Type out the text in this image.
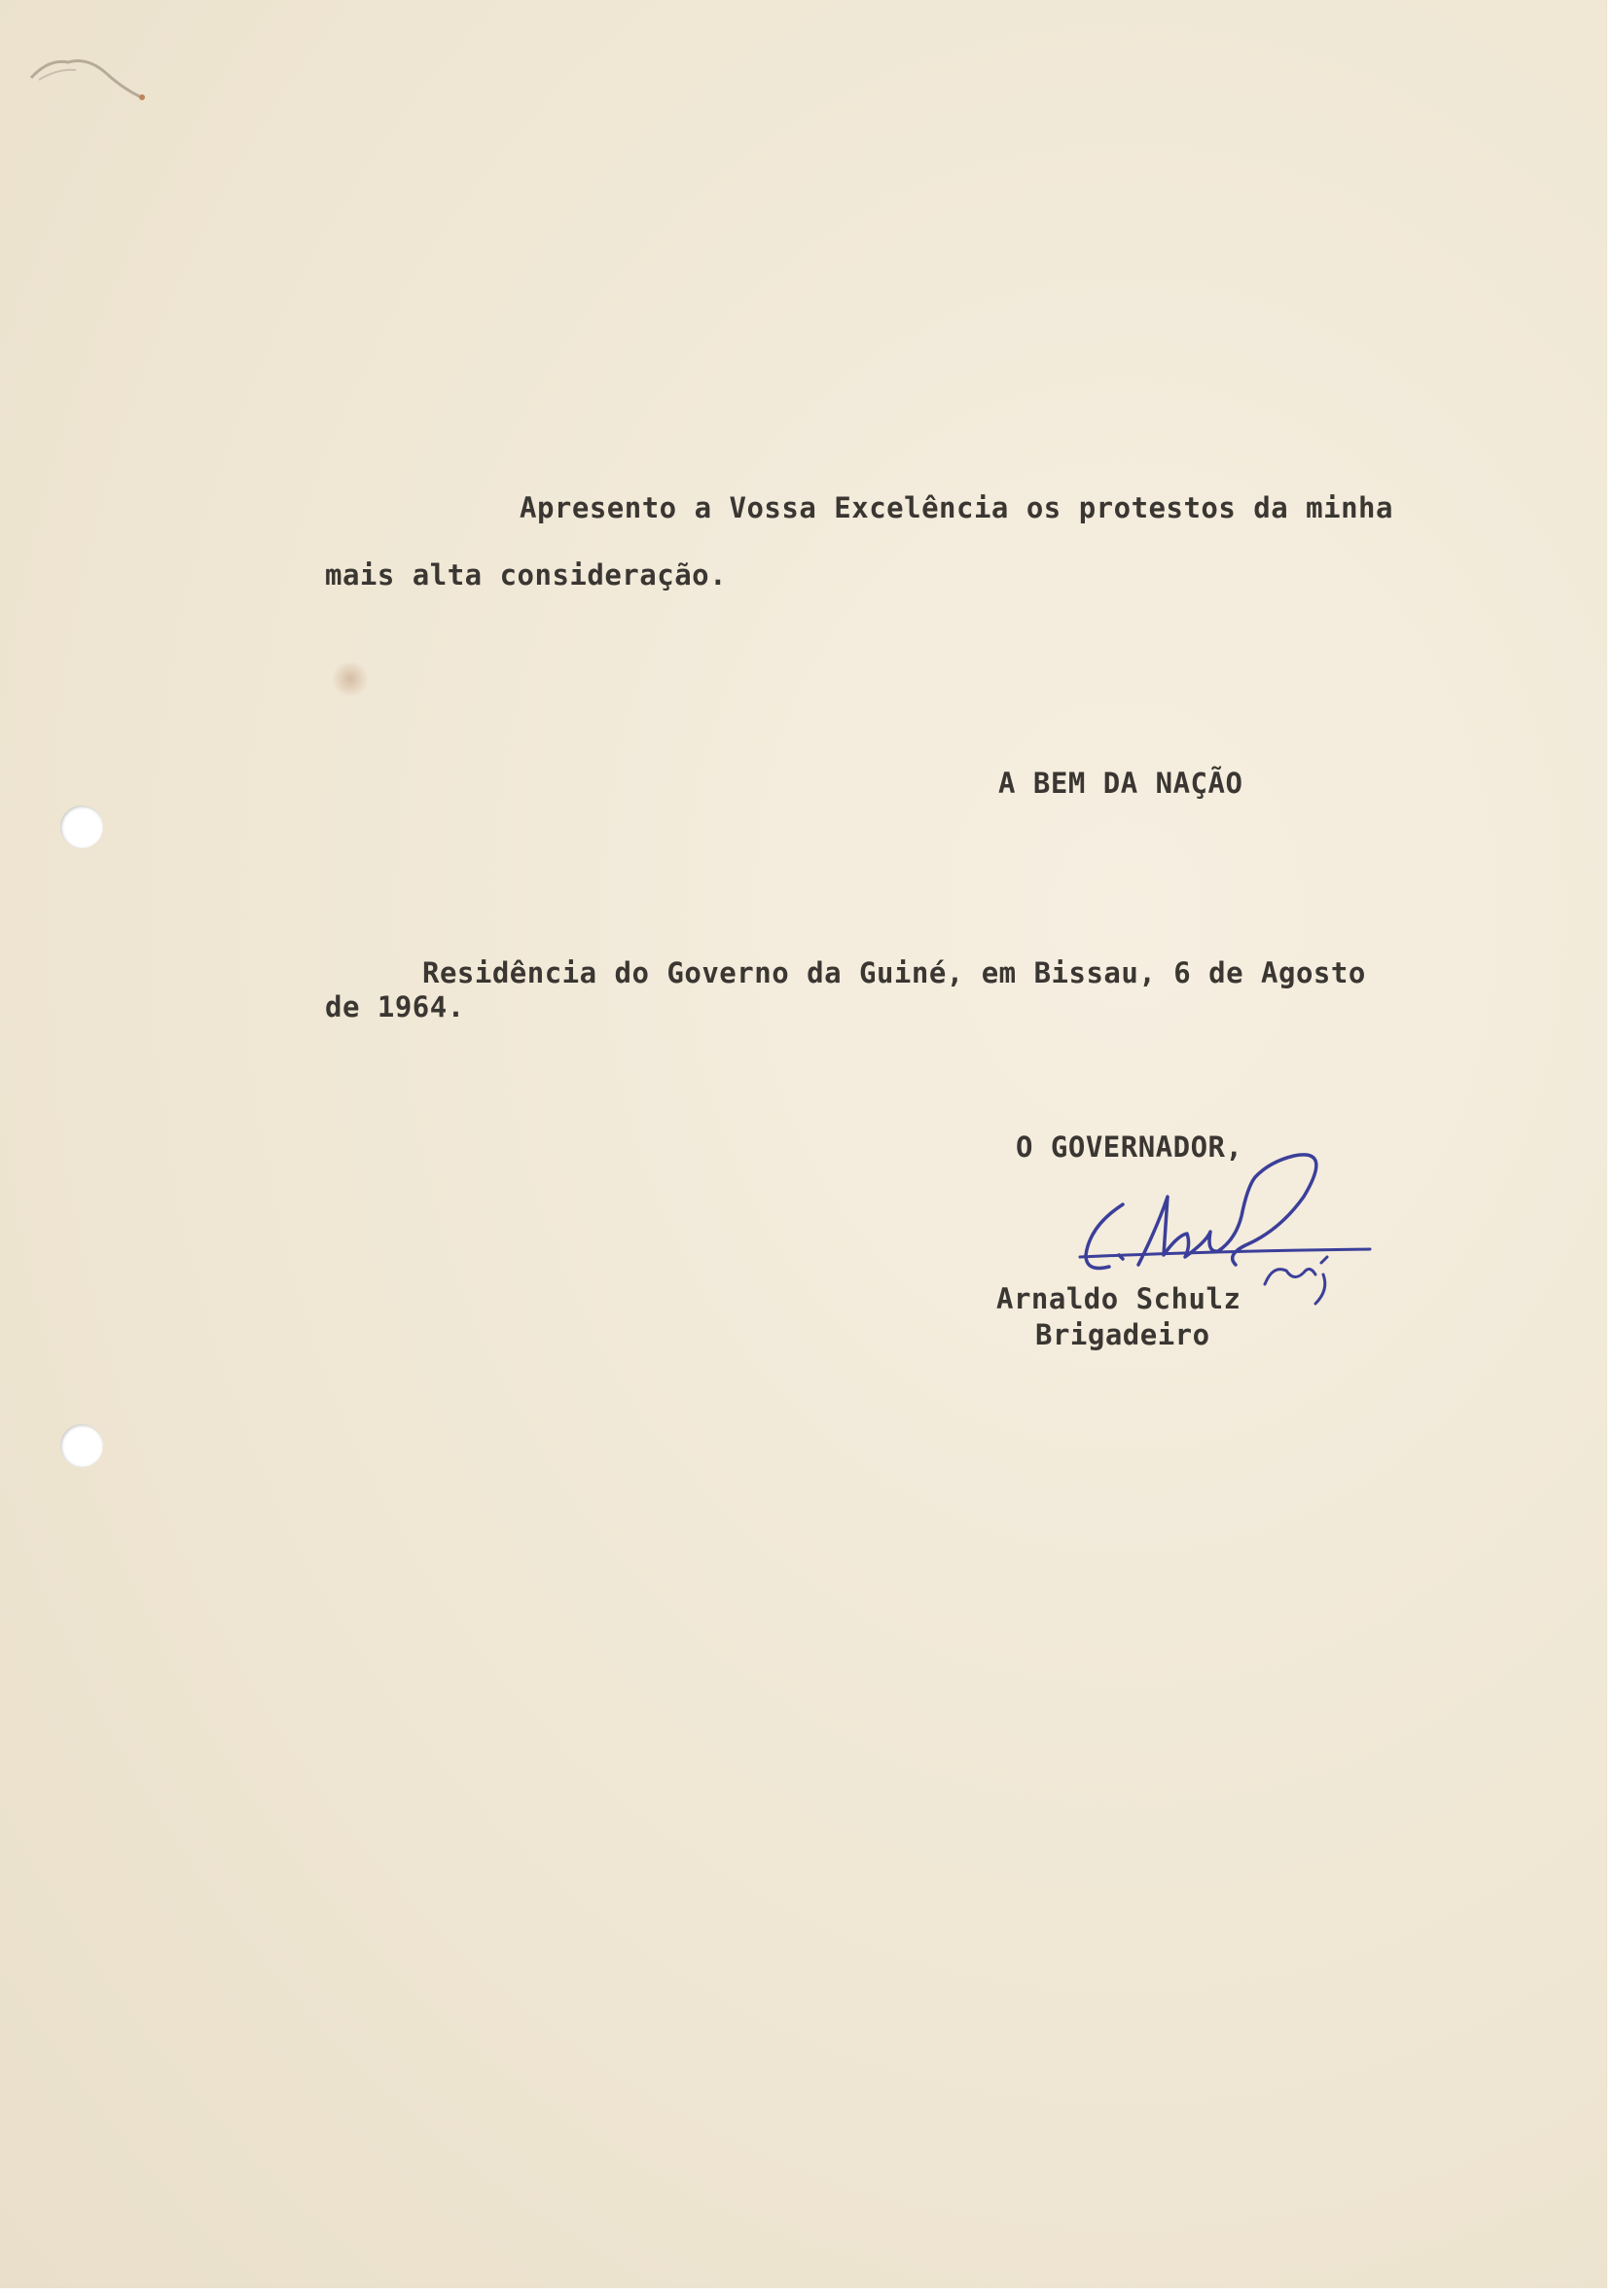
Apresento a Vossa Excelência os protestos da minha

mais alta consideração.

A BEM DA NAÇÃO

Residência do Governo da Guiné, em Bissau, 6 de Agosto

de 1964.

O GOVERNADOR,

Arnaldo Schulz

Brigadeiro
